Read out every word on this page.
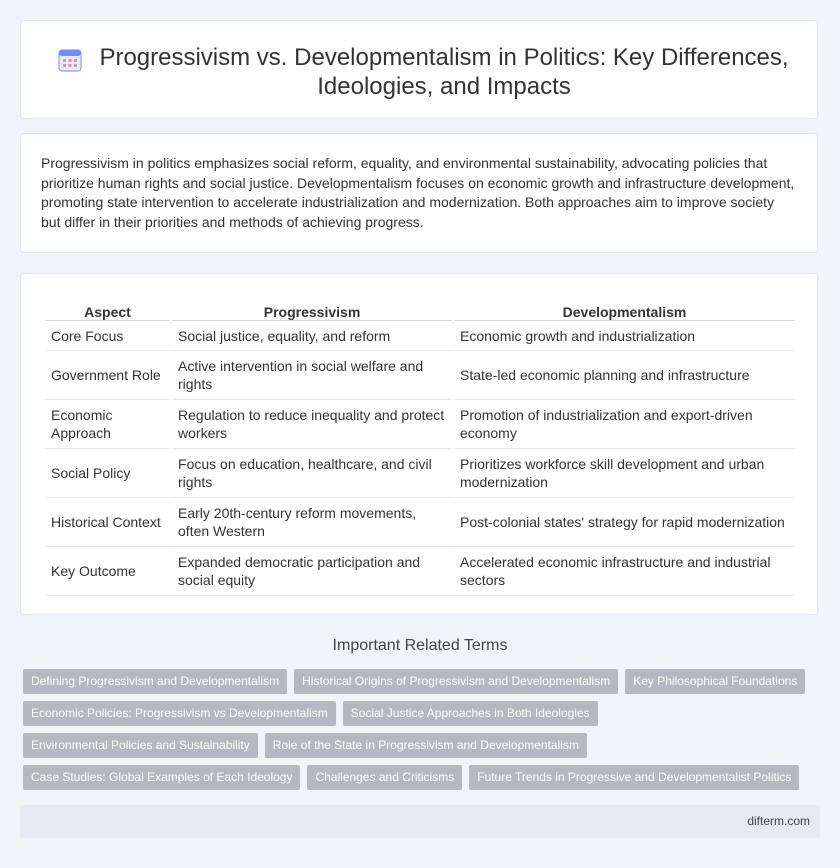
Progressivism vs. Developmentalism in Politics: Key Differences, Ideologies, and Impacts

Progressivism in politics emphasizes social reform, equality, and environmental sustainability, advocating policies that prioritize human rights and social justice. Developmentalism focuses on economic growth and infrastructure development, promoting state intervention to accelerate industrialization and modernization. Both approaches aim to improve society but differ in their priorities and methods of achieving progress.

Aspect	Progressivism	Developmentalism
Core Focus	Social justice, equality, and reform	Economic growth and industrialization
Government Role	Active intervention in social welfare and rights	State-led economic planning and infrastructure
Economic Approach	Regulation to reduce inequality and protect workers	Promotion of industrialization and export-driven economy
Social Policy	Focus on education, healthcare, and civil rights	Prioritizes workforce skill development and urban modernization
Historical Context	Early 20th-century reform movements, often Western	Post-colonial states' strategy for rapid modernization
Key Outcome	Expanded democratic participation and social equity	Accelerated economic infrastructure and industrial sectors
Important Related Terms
Defining Progressivism and Developmentalism	Historical Origins of Progressivism and Developmentalism	Key Philosophical Foundations
Economic Policies: Progressivism vs Developmentalism	Social Justice Approaches in Both Ideologies
Environmental Policies and Sustainability	Role of the State in Progressivism and Developmentalism
Case Studies: Global Examples of Each Ideology	Challenges and Criticisms	Future Trends in Progressive and Developmentalist Politics
difterm.com
